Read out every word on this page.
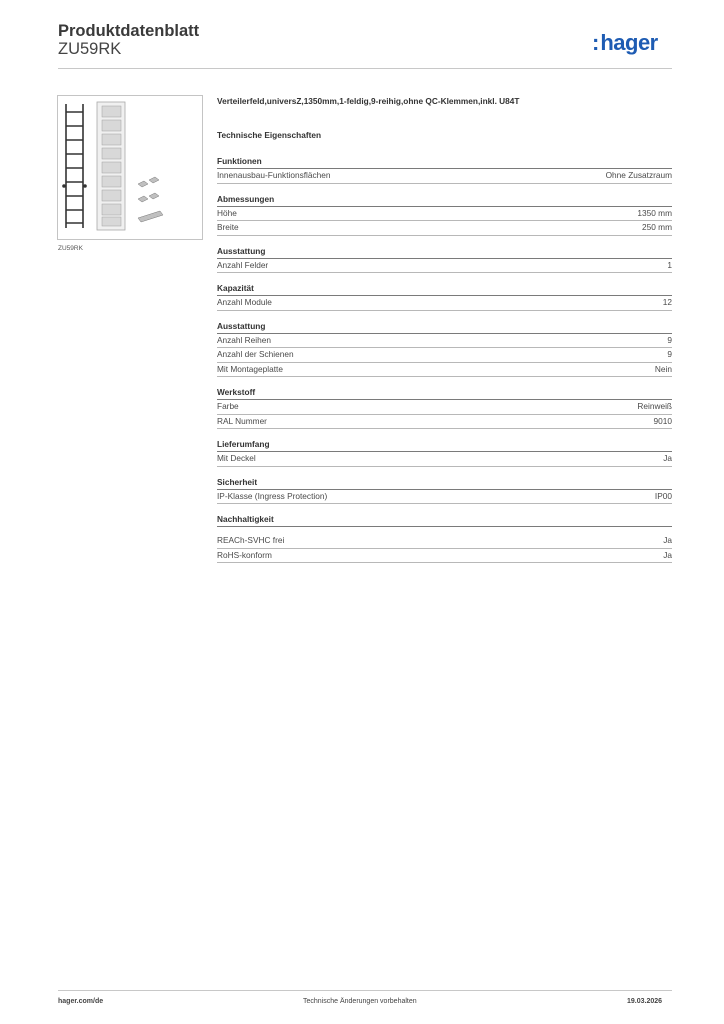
Produktdatenblatt
ZU59RK	:hager
ZU59RK
Verteilerfeld,universZ,1350mm,1-feldig,9-reihig,ohne QC-Klemmen,inkl. U84T
Technische Eigenschaften
Funktionen
Innenausbau-Funktionsflächen	Ohne Zusatzraum
Abmessungen
Höhe	1350 mm
Breite	250 mm
Ausstattung
Anzahl Felder	1
Kapazität
Anzahl Module	12
Ausstattung
Anzahl Reihen	9
Anzahl der Schienen	9
Mit Montageplatte	Nein
Werkstoff
Farbe	Reinweiß
RAL Nummer	9010
Lieferumfang
Mit Deckel	Ja
Sicherheit
IP-Klasse (Ingress Protection)	IP00
Nachhaltigkeit
REACh-SVHC frei	Ja
RoHS-konform	Ja
hager.com/de	Technische Änderungen vorbehalten	19.03.2026
